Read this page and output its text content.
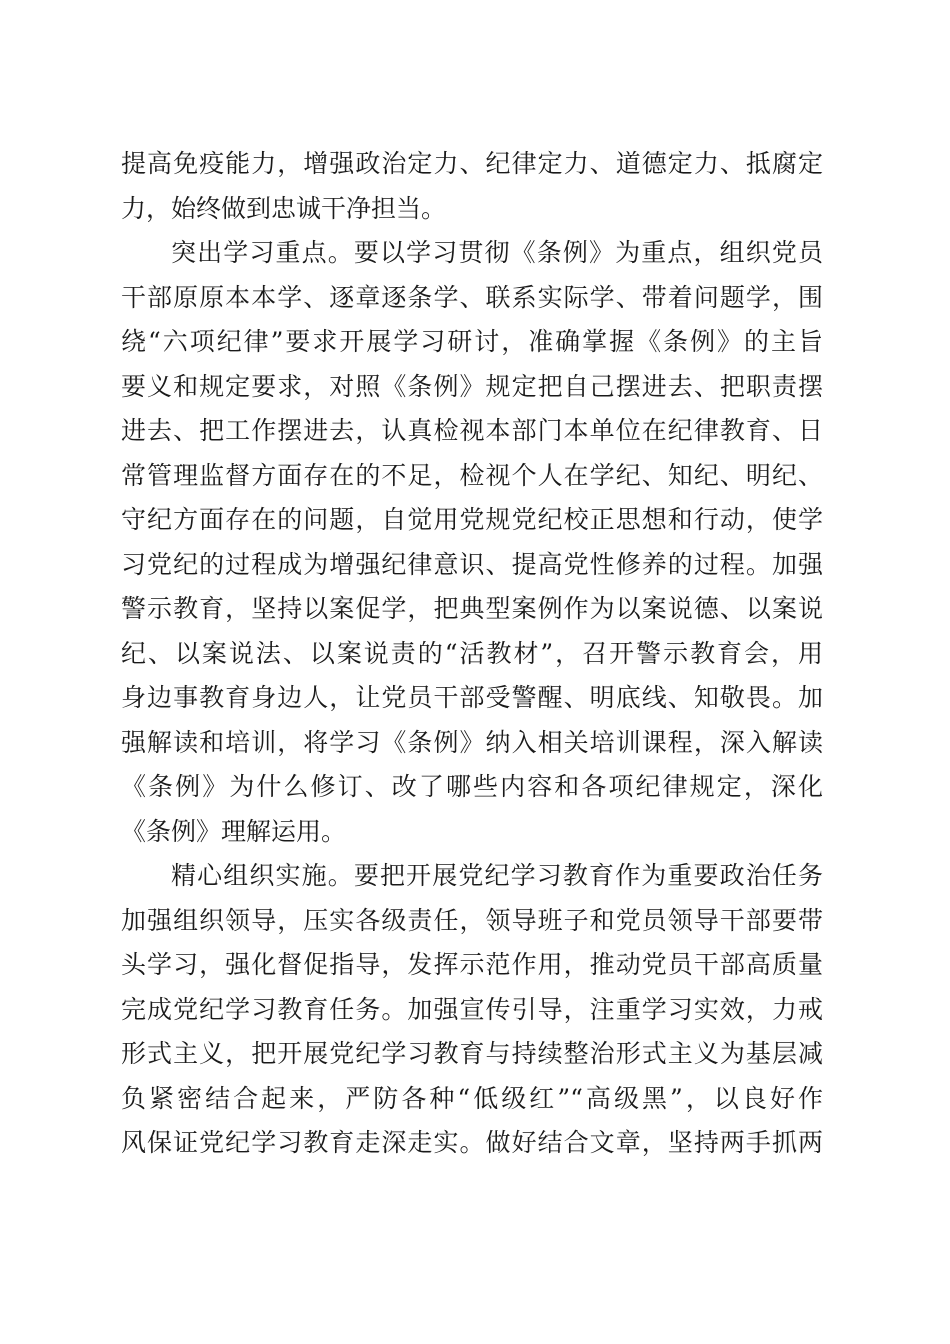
提高免疫能力，增强政治定力、纪律定力、道德定力、抵腐定
力，始终做到忠诚干净担当。
突出学习重点。要以学习贯彻《条例》为重点，组织党员
干部原原本本学、逐章逐条学、联系实际学、带着问题学，围
绕“六项纪律”要求开展学习研讨，准确掌握《条例》的主旨
要义和规定要求，对照《条例》规定把自己摆进去、把职责摆
进去、把工作摆进去，认真检视本部门本单位在纪律教育、日
常管理监督方面存在的不足，检视个人在学纪、知纪、明纪、
守纪方面存在的问题，自觉用党规党纪校正思想和行动，使学
习党纪的过程成为增强纪律意识、提高党性修养的过程。加强
警示教育，坚持以案促学，把典型案例作为以案说德、以案说
纪、以案说法、以案说责的“活教材”，召开警示教育会，用
身边事教育身边人，让党员干部受警醒、明底线、知敬畏。加
强解读和培训，将学习《条例》纳入相关培训课程，深入解读
《条例》为什么修订、改了哪些内容和各项纪律规定，深化
《条例》理解运用。
精心组织实施。要把开展党纪学习教育作为重要政治任务
加强组织领导，压实各级责任，领导班子和党员领导干部要带
头学习，强化督促指导，发挥示范作用，推动党员干部高质量
完成党纪学习教育任务。加强宣传引导，注重学习实效，力戒
形式主义，把开展党纪学习教育与持续整治形式主义为基层减
负紧密结合起来，严防各种“低级红”“高级黑”，以良好作
风保证党纪学习教育走深走实。做好结合文章，坚持两手抓两
